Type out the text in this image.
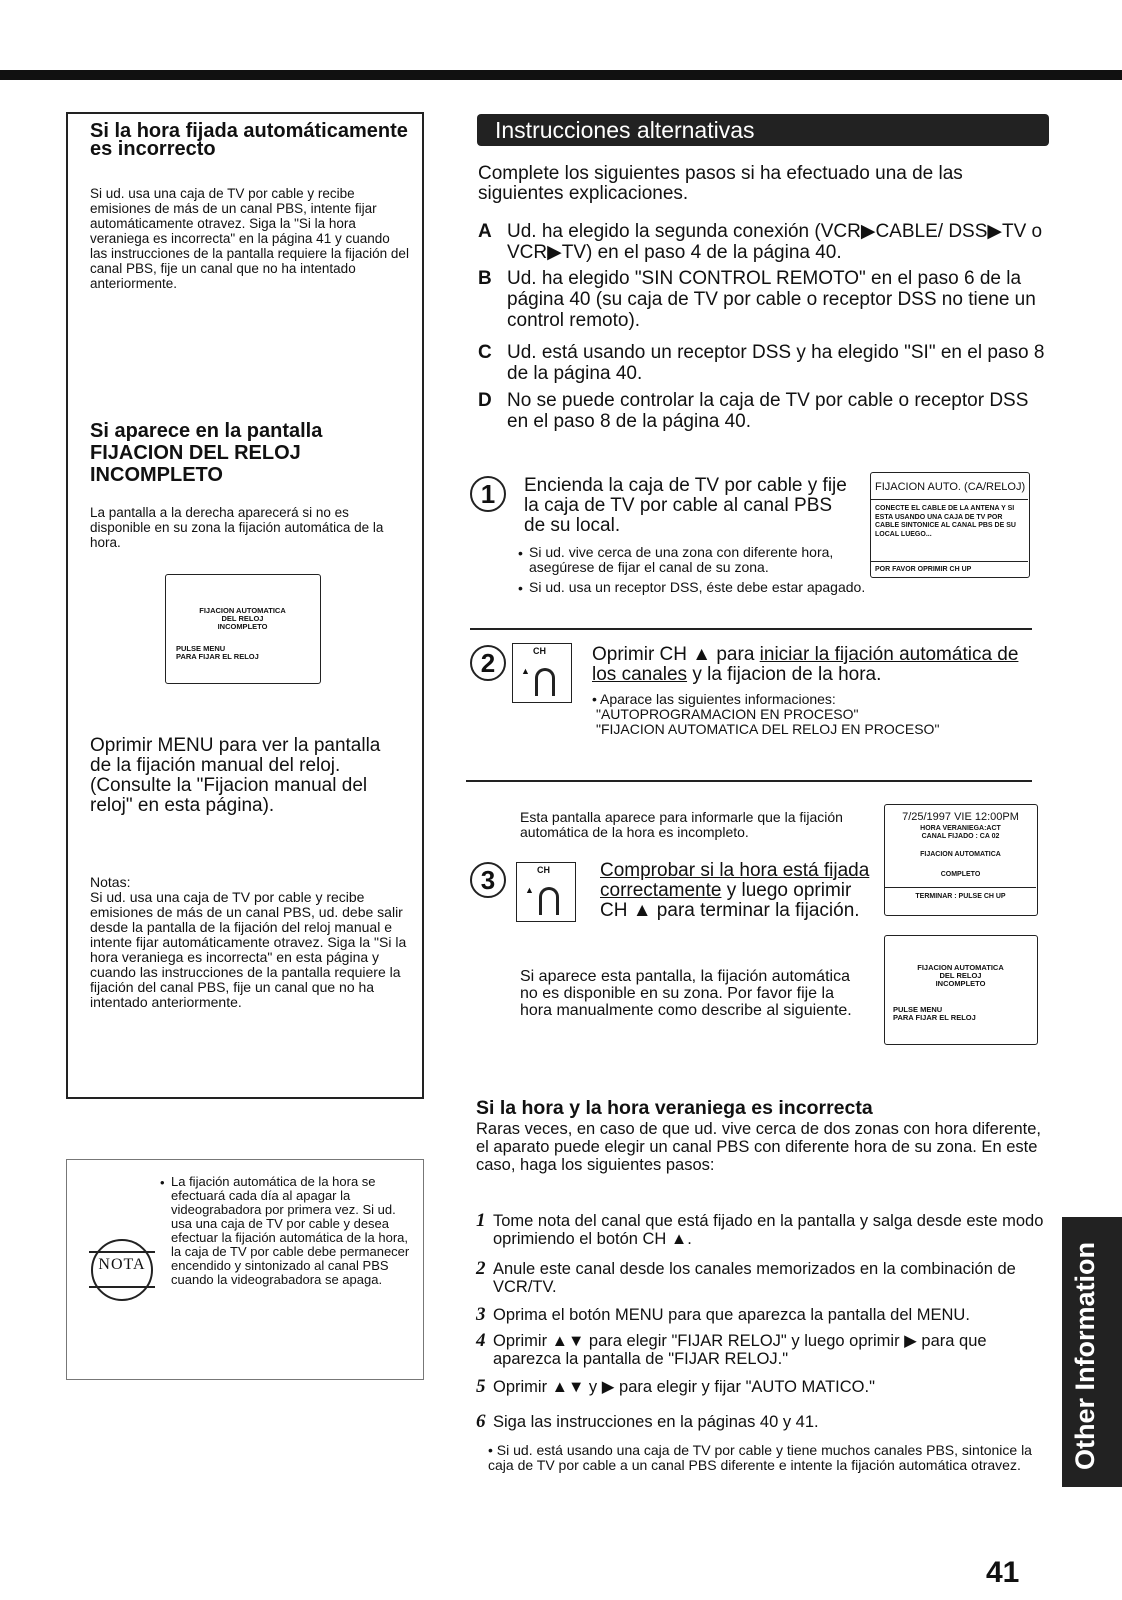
Si la hora fijada automáticamente es incorrecto
Si ud. usa una caja de TV por cable y recibe emisiones de más de un canal PBS, intente fijar automáticamente otravez. Siga la "Si la hora veraniega es incorrecta" en la página 41 y cuando las instrucciones de la pantalla requiere la fijación del canal PBS, fije un canal que no ha intentado anteriormente.
Si aparece en la pantalla FIJACION DEL RELOJ INCOMPLETO
La pantalla a la derecha aparecerá si no es disponible en su zona la fijación automática de la hora.
FIJACION AUTOMATICA
DEL RELOJ
INCOMPLETO
PULSE MENU
PARA FIJAR EL RELOJ
Oprimir MENU para ver la pantalla de la fijación manual del reloj. (Consulte la "Fijacion manual del reloj" en esta página).
Notas:
Si ud. usa una caja de TV por cable y recibe emisiones de más de un canal PBS, ud. debe salir desde la pantalla de la fijación del reloj manual e intente fijar automáticamente otravez. Siga la "Si la hora veraniega es incorrecta" en esta página y cuando las instrucciones de la pantalla requiere la fijación del canal PBS, fije un canal que no ha intentado anteriormente.
NOTA
• La fijación automática de la hora se efectuará cada día al apagar la videograbadora por primera vez. Si ud. usa una caja de TV por cable y desea efectuar la fijación automática de la hora, la caja de TV por cable debe permanecer encendido y sintonizado al canal PBS cuando la videograbadora se apaga.
Instrucciones alternativas
Complete los siguientes pasos si ha efectuado una de las siguientes explicaciones.
A Ud. ha elegido la segunda conexión (VCR▶CABLE/ DSS▶TV o VCR▶TV) en el paso 4 de la página 40.
B Ud. ha elegido "SIN CONTROL REMOTO" en el paso 6 de la página 40 (su caja de TV por cable o receptor DSS no tiene un control remoto).
C Ud. está usando un receptor DSS y ha elegido "SI" en el paso 8 de la página 40.
D No se puede controlar la caja de TV por cable o receptor DSS en el paso 8 de la página 40.
1	Encienda la caja de TV por cable y fije la caja de TV por cable al canal PBS de su local.
• Si ud. vive cerca de una zona con diferente hora, asegúrese de fijar el canal de su zona.
• Si ud. usa un receptor DSS, éste debe estar apagado.
FIJACION AUTO. (CA/RELOJ)
CONECTE EL CABLE DE LA ANTENA Y SI ESTA USANDO UNA CAJA DE TV POR CABLE SINTONICE AL CANAL PBS DE SU LOCAL LUEGO...
POR FAVOR OPRIMIR CH UP
2	CH
▲
Oprimir CH ▲ para iniciar la fijación automática de los canales y la fijacion de la hora.
• Aparace las siguientes informaciones:
"AUTOPROGRAMACION EN PROCESO"
"FIJACION AUTOMATICA DEL RELOJ EN PROCESO"
Esta pantalla aparece para informarle que la fijación automática de la hora es incompleto.
3	CH
▲
Comprobar si la hora está fijada correctamente y luego oprimir CH ▲ para terminar la fijación.
Si aparece esta pantalla, la fijación automática no es disponible en su zona. Por favor fije la hora manualmente como describe al siguiente.
7/25/1997 VIE 12:00PM
HORA VERANIEGA:ACT
CANAL FIJADO : CA 02
FIJACION AUTOMATICA
COMPLETO
TERMINAR : PULSE CH UP
FIJACION AUTOMATICA
DEL RELOJ
INCOMPLETO
PULSE MENU
PARA FIJAR EL RELOJ
Si la hora y la hora veraniega es incorrecta
Raras veces, en caso de que ud. vive cerca de dos zonas con hora diferente, el aparato puede elegir un canal PBS con diferente hora de su zona. En este caso, haga los siguientes pasos:
1 Tome nota del canal que está fijado en la pantalla y salga desde este modo oprimiendo el botón CH ▲.
2 Anule este canal desde los canales memorizados en la combinación de VCR/TV.
3 Oprima el botón MENU para que aparezca la pantalla del MENU.
4 Oprimir ▲▼ para elegir "FIJAR RELOJ" y luego oprimir ▶ para que aparezca la pantalla de "FIJAR RELOJ."
5 Oprimir ▲▼ y ▶ para elegir y fijar "AUTO MATICO."
6 Siga las instrucciones en la páginas 40 y 41.
• Si ud. está usando una caja de TV por cable y tiene muchos canales PBS, sintonice la caja de TV por cable a un canal PBS diferente e intente la fijación automática otravez.	Other Information
41
